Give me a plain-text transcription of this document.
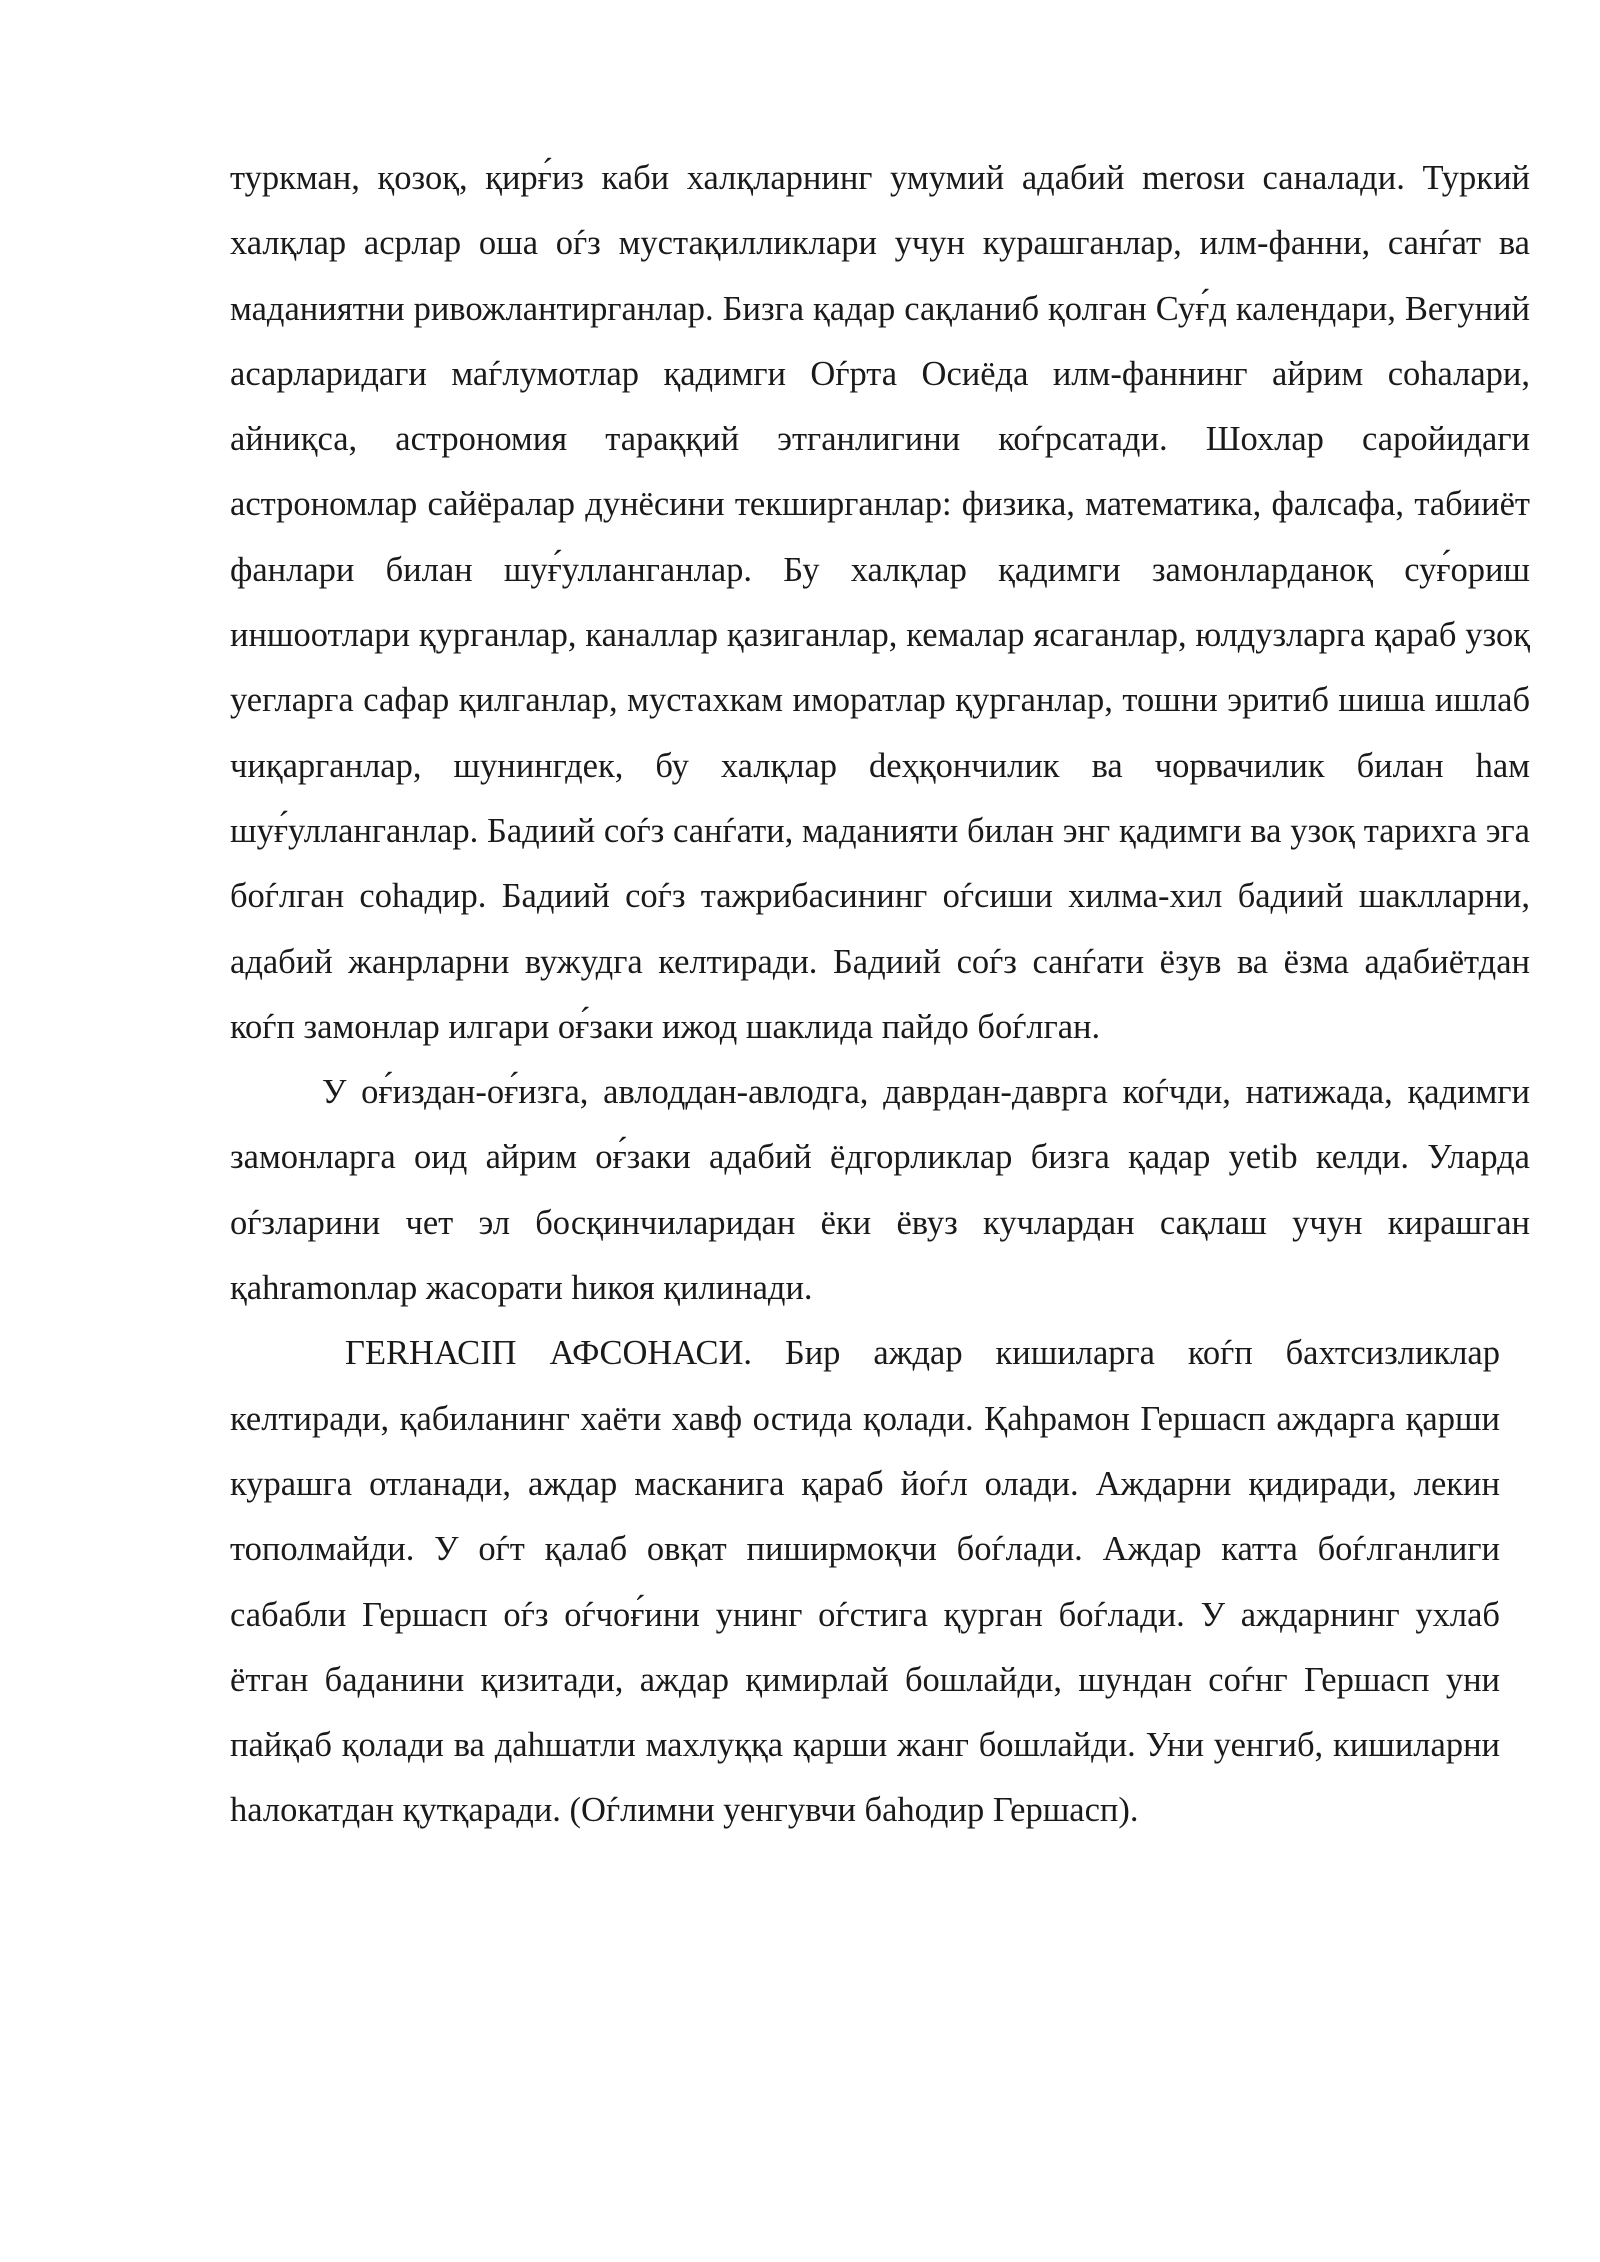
туркман, қозоқ, қирғ́из каби халқларнинг умумий адабий merosи саналади. Туркий халқлар асрлар оша оѓз мустақилликлари учун курашганлар, илм-фанни, санѓат ва маданиятни ривожлантирганлар. Бизга қадар сақланиб қолган Суғ́д календари, Вегуний асарларидаги маѓлумотлар қадимги Оѓрта Осиёда илм-фаннинг айрим соhалари, айниқса, астрономия тараққий этганлигини коѓрсатади. Шохлар саройидаги астрономлар сайёралар дунёсини текширганлар: физика, математика, фалсафа, табииёт фанлари билан шуғ́улланганлар. Бу халқлар қадимги замонларданоқ суғ́ориш иншоотлари қурганлар, каналлар қазиганлар, кемалар ясаганлар, юлдузларга қараб узоқ уегларга сафар қилганлар, мустахкам иморатлар қурганлар, тошни эритиб шиша ишлаб чиқарганлар, шунингдек, бу халқлар deҳқончилик ва чорвачилик билан hам шуғ́улланганлар. Бадиий соѓз санѓати, маданияти билан энг қадимги ва узоқ тарихга эга боѓлган соhадир. Бадиий соѓз тажрибасининг оѓсиши хилма-хил бадиий шаклларни, адабий жанрларни вужудга келтиради. Бадиий соѓз санѓати ёзув ва ёзма адабиётдан коѓп замонлар илгари оғ́заки ижод шаклида пайдо боѓлган.

У оғ́издан-оғ́изга, авлоддан-авлодга, даврдан-даврга коѓчди, натижада, қадимги замонларга оид айрим оғ́заки адабий ёдгорликлар бизга қадар yetib келди. Уларда оѓзларини чет эл босқинчиларидан ёки ёвуз кучлардан сақлаш учун кирашган қаhramonлар жасорати hикоя қилинади.

ГЕRНАСIП АФСОНАСИ. Бир аждар кишиларга коѓп бахтсизликлар келтиради, қабиланинг хаёти хавф остида қолади. Қаhрамон Гершасп аждарга қарши курашга отланади, аждар масканига қараб йоѓл олади. Аждарни қидиради, лекин тополмайди. У оѓт қалаб овқат пиширмоқчи боѓлади. Аждар катта боѓлганлиги сабабли Гершасп оѓз оѓчоғ́ини унинг оѓстига қурган боѓлади. У аждарнинг ухлаб ётган баданини қизитади, аждар қимирлай бошлайди, шундан соѓнг Гершасп уни пайқаб қолади ва даhшатли махлуққа қарши жанг бошлайди. Уни уенгиб, кишиларни hалокатдан қутқаради. (Оѓлимни уенгувчи баhодир Гершасп).
